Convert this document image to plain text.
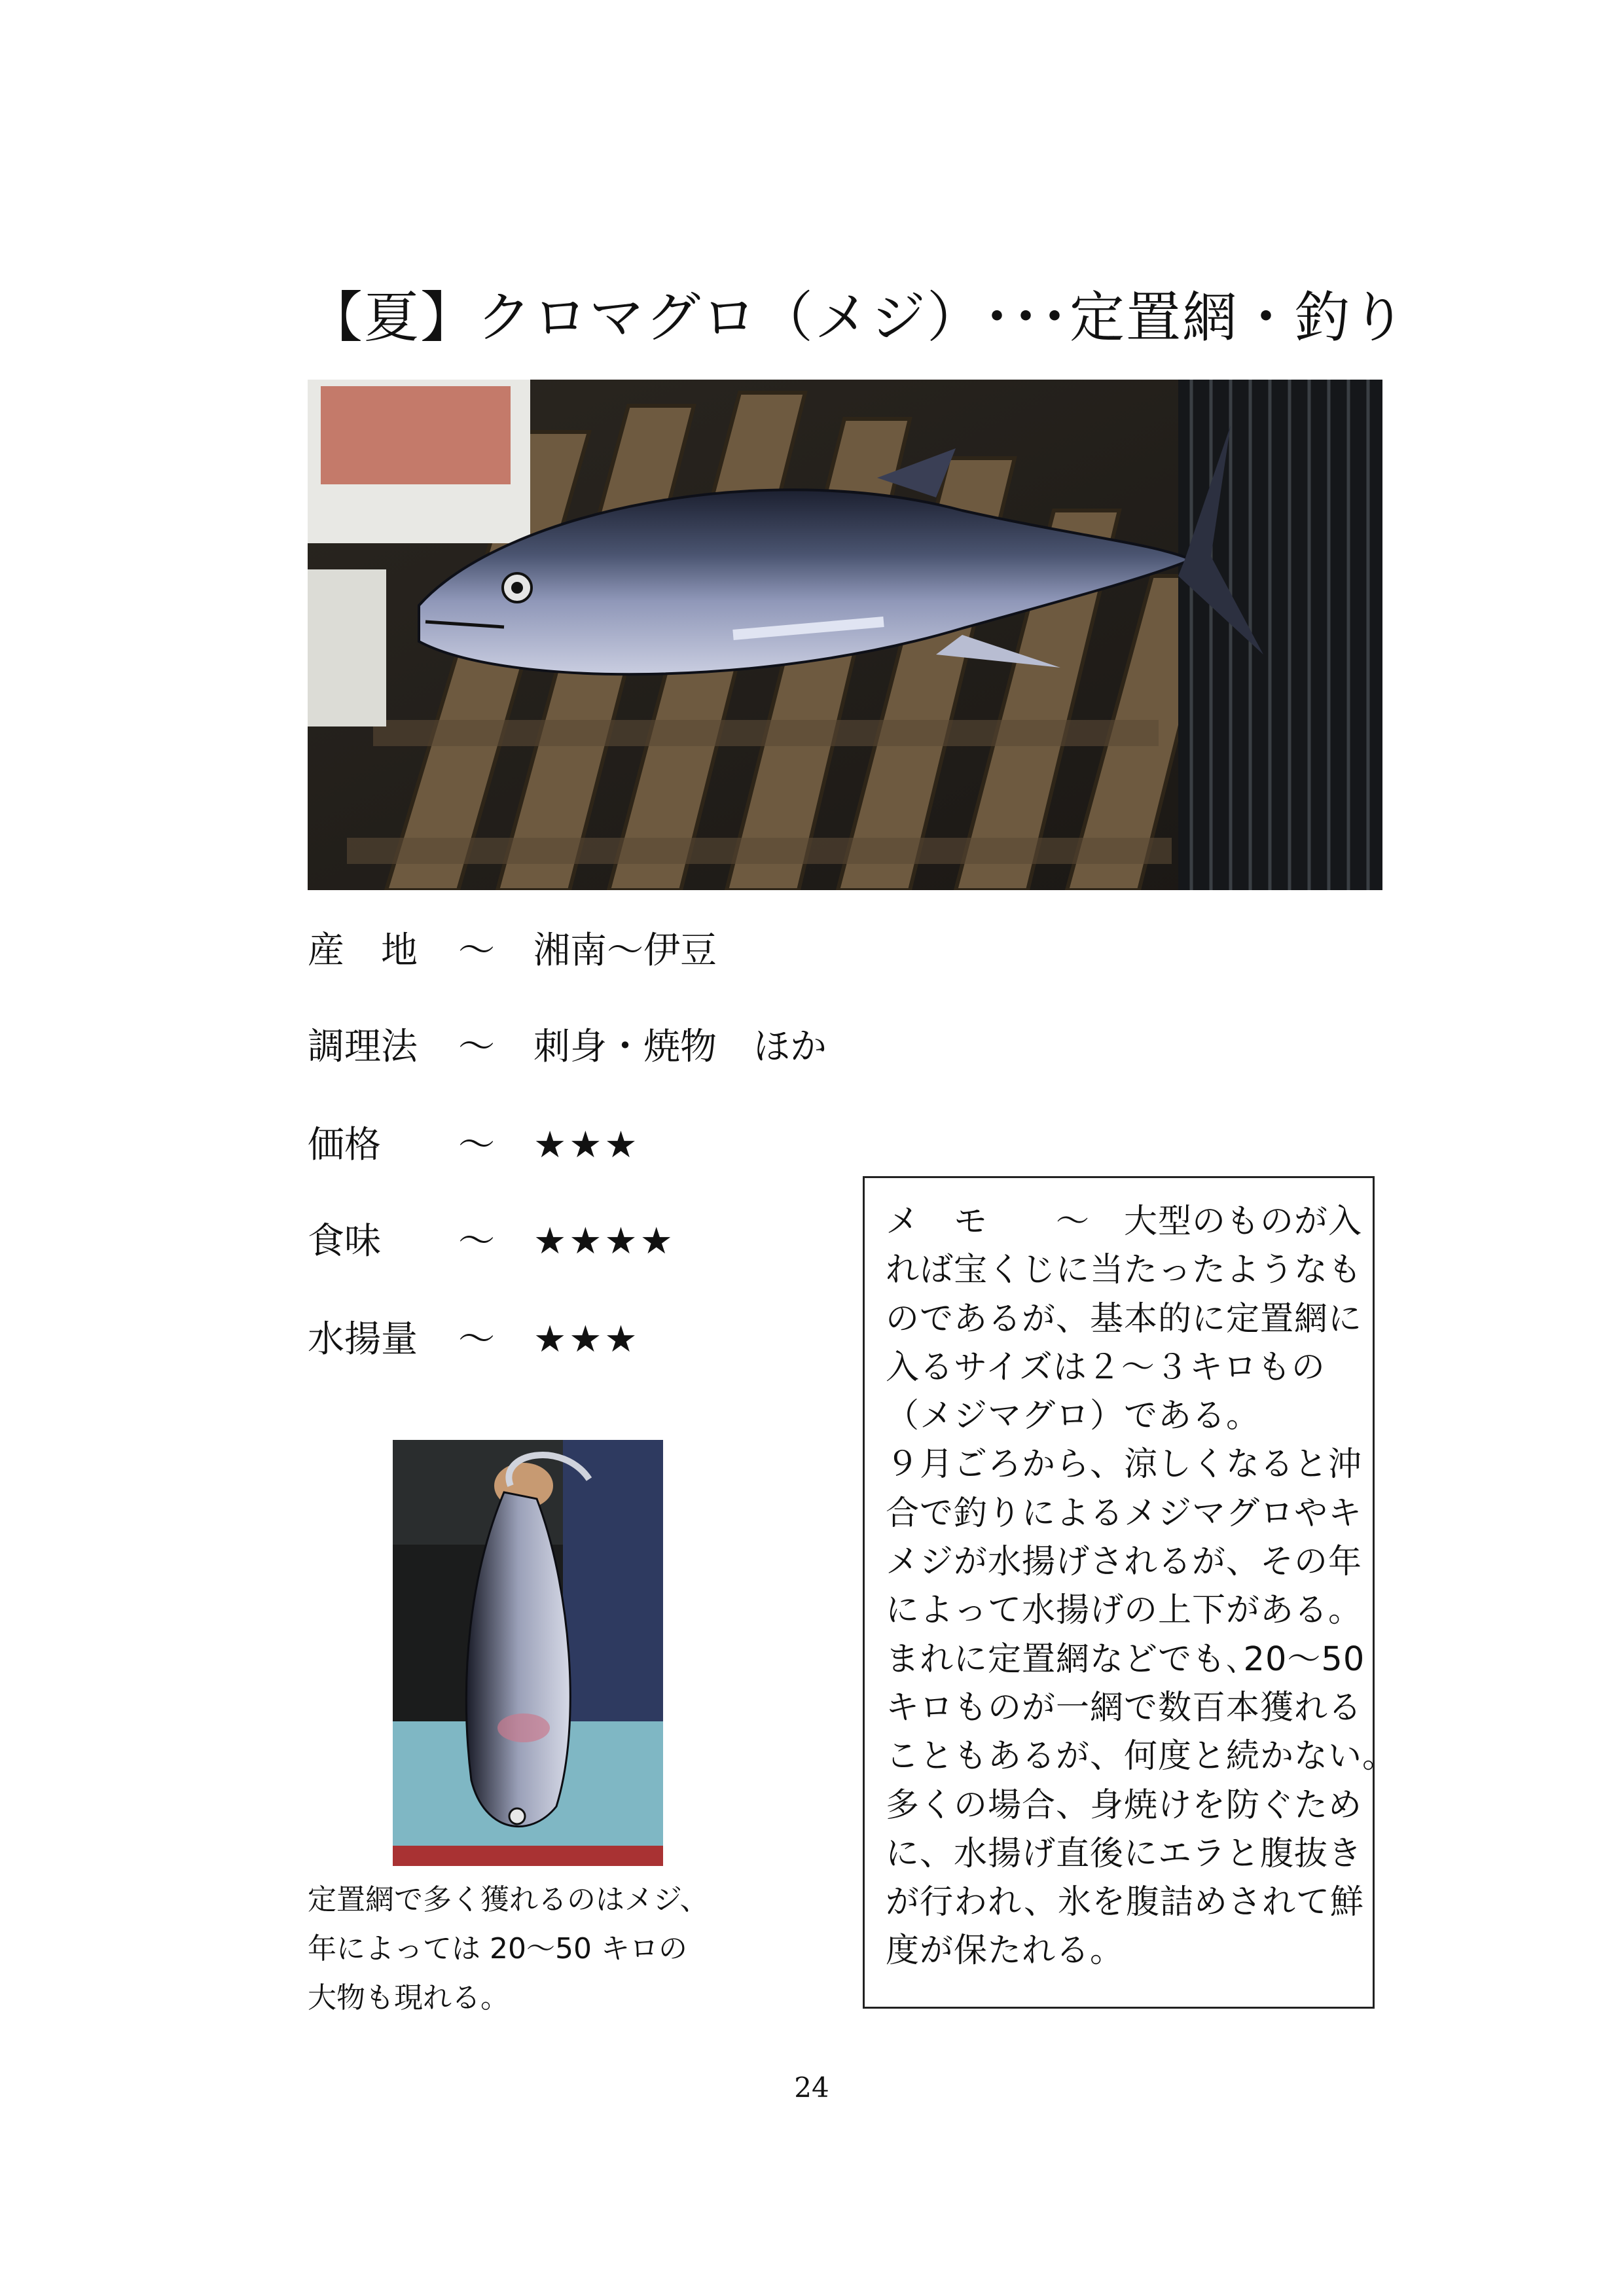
【夏】クロマグロ（メジ）･･･定置網・釣り
産　地 ～ 湘南～伊豆
調理法 ～ 刺身・焼物　ほか
価格 ～ ★★★
食味 ～ ★★★★
水揚量 ～ ★★★
定置網で多く獲れるのはメジ、
年によっては 20～50 キロの
大物も現れる。
メ　モ　　～　大型のものが入
れば宝くじに当たったようなも
のであるが、基本的に定置網に
入るサイズは２～３キロもの
（メジマグロ）である。
９月ごろから、涼しくなると沖
合で釣りによるメジマグロやキ
メジが水揚げされるが、その年
によって水揚げの上下がある。
まれに定置網などでも､20～50
キロものが一網で数百本獲れる
こともあるが、何度と続かない。
多くの場合、身焼けを防ぐため
に、水揚げ直後にエラと腹抜き
が行われ、氷を腹詰めされて鮮
度が保たれる。
24
